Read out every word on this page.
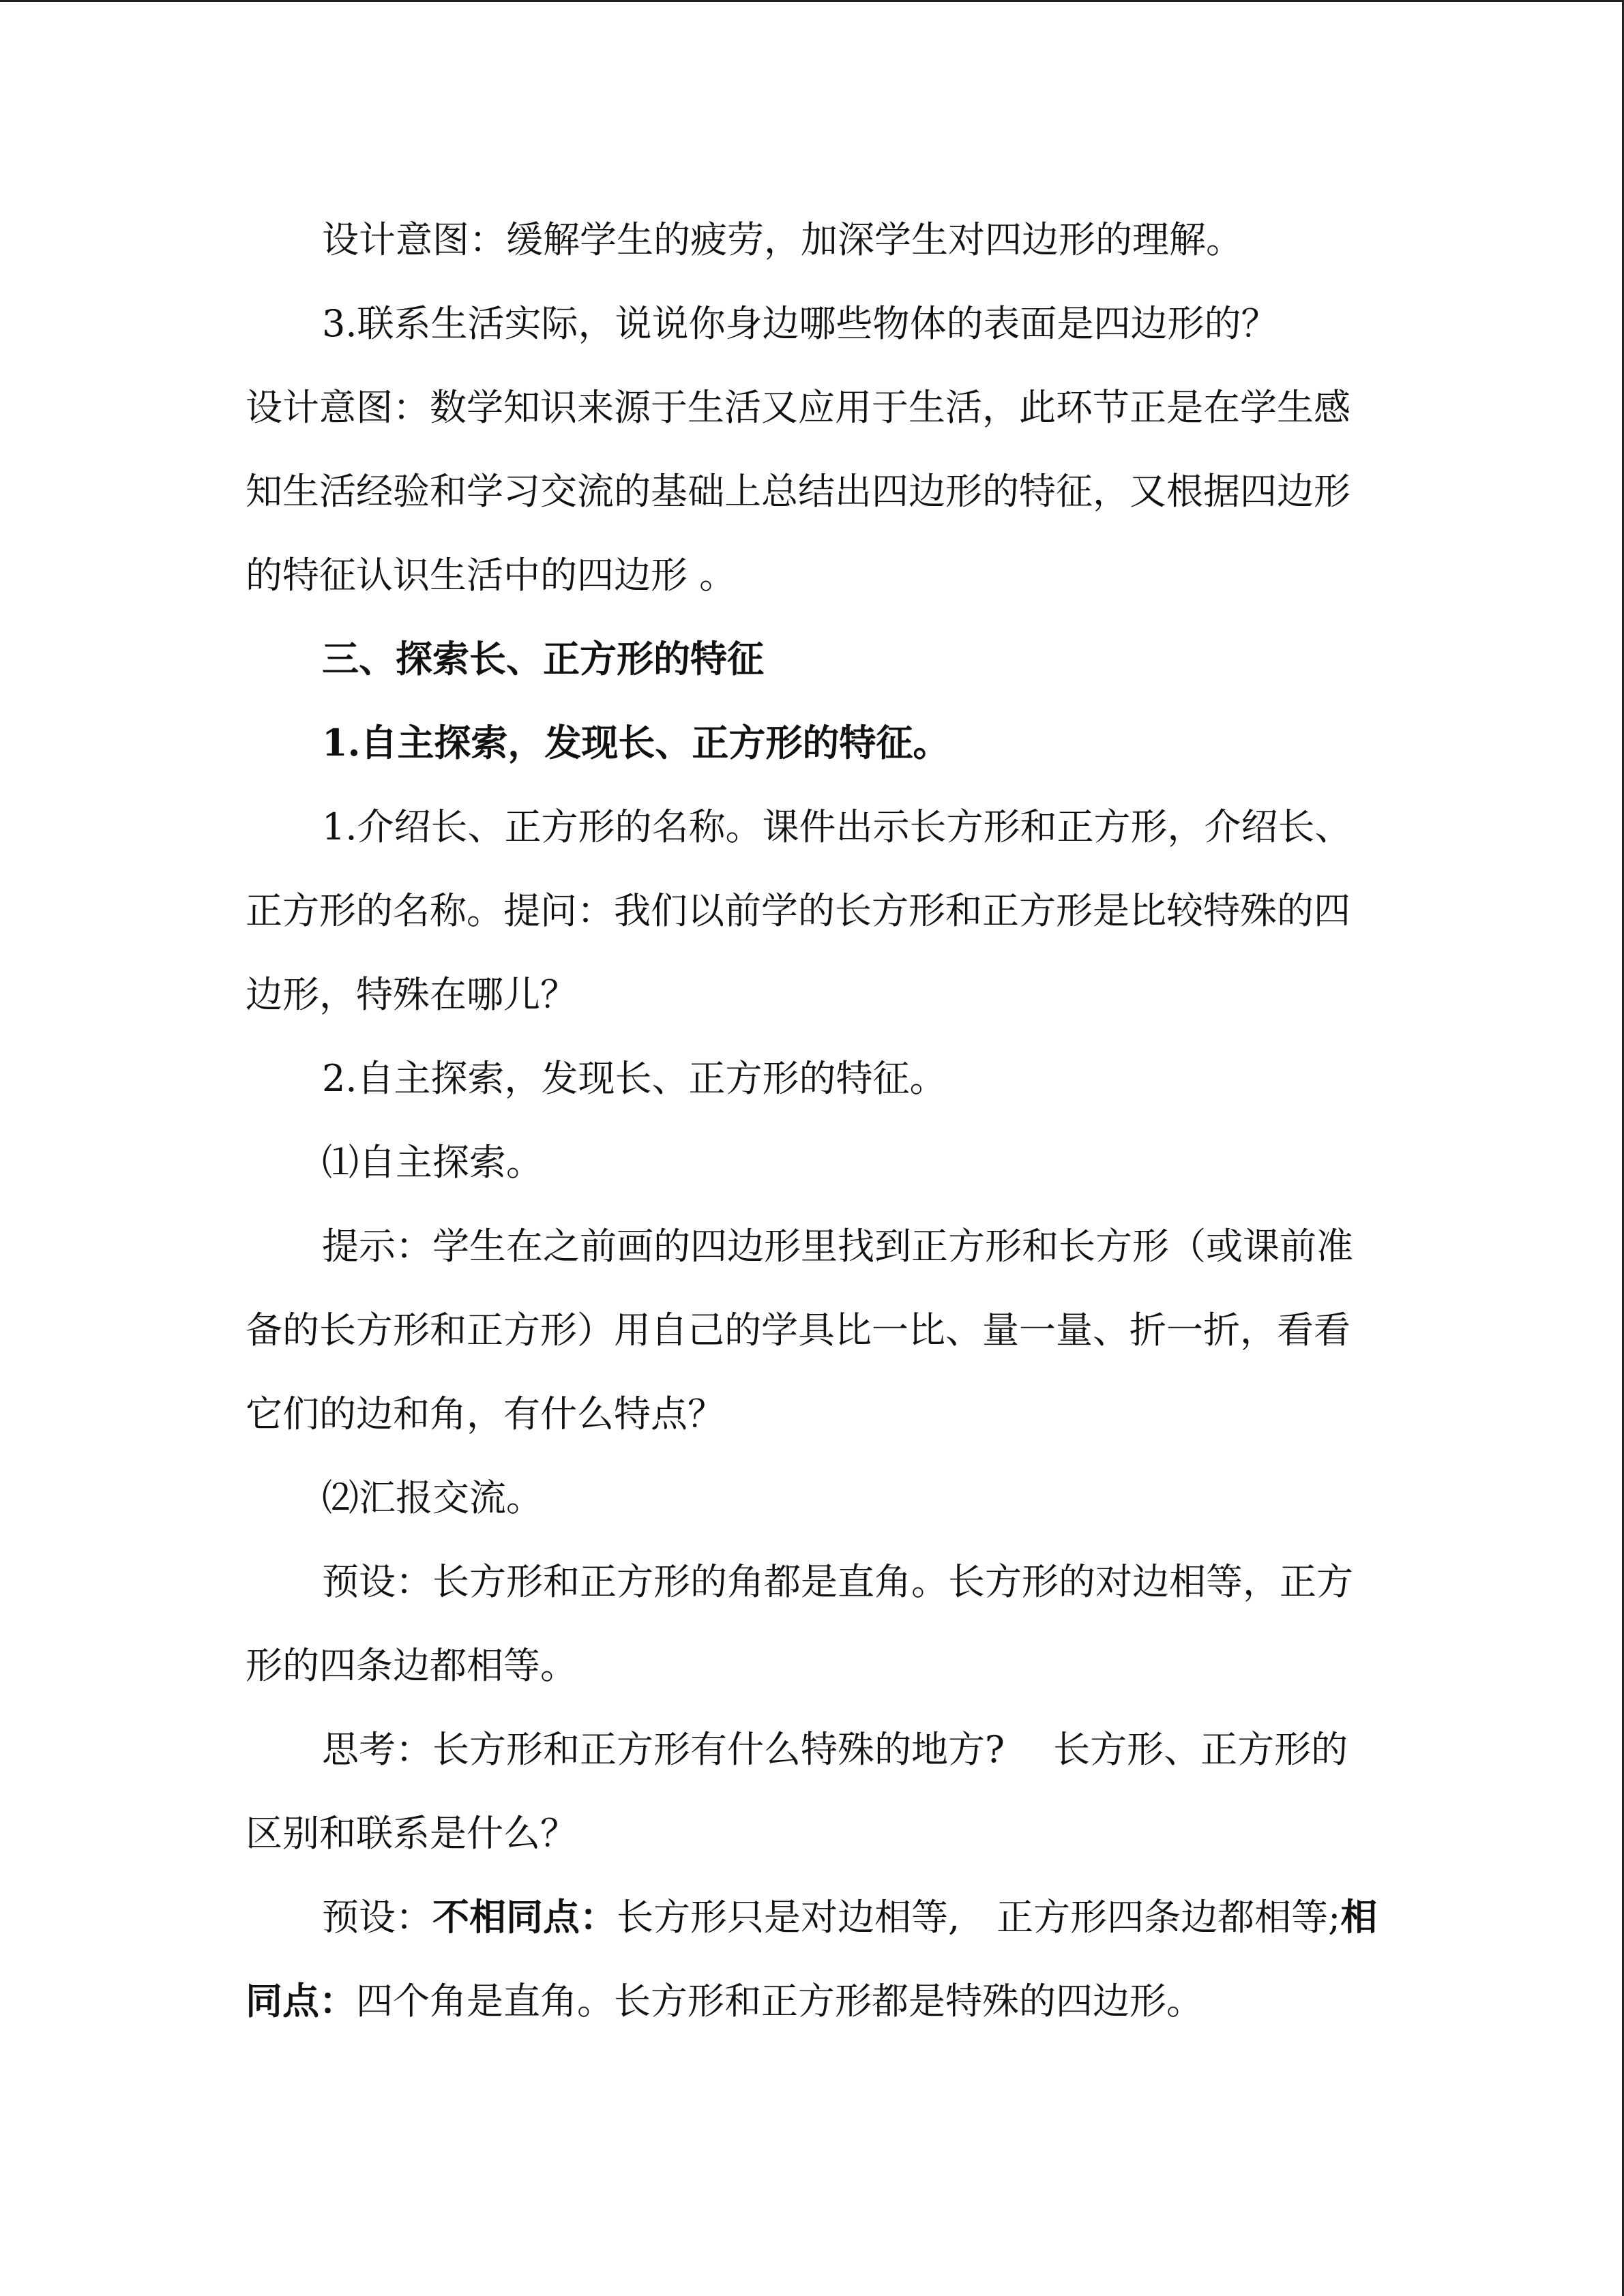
设计意图：缓解学生的疲劳，加深学生对四边形的理解。

3.联系生活实际，说说你身边哪些物体的表面是四边形的？

设计意图：数学知识来源于生活又应用于生活，此环节正是在学生感知生活经验和学习交流的基础上总结出四边形的特征，又根据四边形的特征认识生活中的四边形 。

三、探索长、正方形的特征

1.自主探索，发现长、正方形的特征。

1.介绍长、正方形的名称。课件出示长方形和正方形，介绍长、正方形的名称。提问：我们以前学的长方形和正方形是比较特殊的四边形，特殊在哪儿？

2.自主探索，发现长、正方形的特征。

⑴自主探索。

提示：学生在之前画的四边形里找到正方形和长方形（或课前准备的长方形和正方形）用自己的学具比一比、量一量、折一折，看看它们的边和角，有什么特点？

⑵汇报交流。

预设：长方形和正方形的角都是直角。长方形的对边相等，正方形的四条边都相等。

思考：长方形和正方形有什么特殊的地方?　 长方形、正方形的区别和联系是什么？

预设：不相同点：长方形只是对边相等,　正方形四条边都相等;相同点：四个角是直角。长方形和正方形都是特殊的四边形。
